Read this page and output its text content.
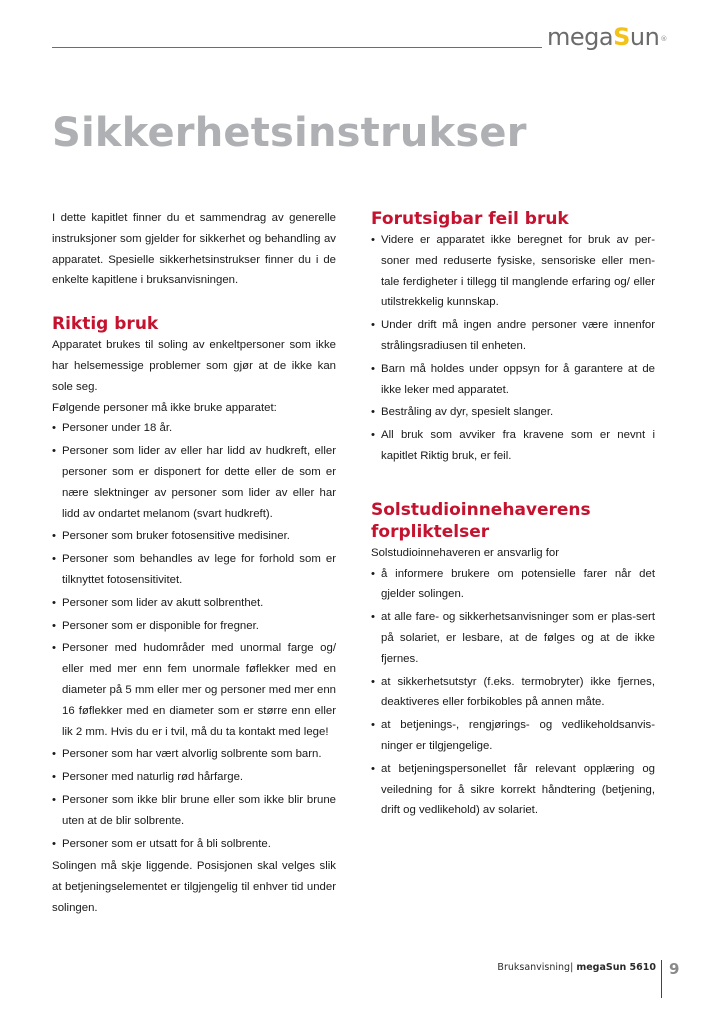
megaSun®
Sikkerhetsinstrukser

I dette kapitlet finner du et sammendrag av generelle instruksjoner som gjelder for sikkerhet og behandling av apparatet. Spesielle sikkerhetsinstrukser finner du i de enkelte kapitlene i bruksanvisningen.

Riktig bruk

Apparatet brukes til soling av enkeltpersoner som ikke har helsemessige problemer som gjør at de ikke kan sole seg.

Følgende personer må ikke bruke apparatet:

• Personer under 18 år.
• Personer som lider av eller har lidd av hudkreft, eller personer som er disponert for dette eller de som er nære slektninger av personer som lider av eller har lidd av ondartet melanom (svart hudkreft).
• Personer som bruker fotosensitive medisiner.
• Personer som behandles av lege for forhold som er tilknyttet fotosensitivitet.
• Personer som lider av akutt solbrenthet.
• Personer som er disponible for fregner.
• Personer med hudområder med unormal farge og/ eller med mer enn fem unormale føflekker med en diameter på 5 mm eller mer og personer med mer enn 16 føflekker med en diameter som er større enn eller lik 2 mm. Hvis du er i tvil, må du ta kontakt med lege!
• Personer som har vært alvorlig solbrente som barn.
• Personer med naturlig rød hårfarge.
• Personer som ikke blir brune eller som ikke blir brune uten at de blir solbrente.
• Personer som er utsatt for å bli solbrente.

Solingen må skje liggende. Posisjonen skal velges slik at betjeningselementet er tilgjengelig til enhver tid under solingen.

Forutsigbar feil bruk
• Videre er apparatet ikke beregnet for bruk av per-soner med reduserte fysiske, sensoriske eller men-tale ferdigheter i tillegg til manglende erfaring og/ eller utilstrekkelig kunnskap.
• Under drift må ingen andre personer være innenfor strålingsradiusen til enheten.
• Barn må holdes under oppsyn for å garantere at de ikke leker med apparatet.
• Bestråling av dyr, spesielt slanger.
• All bruk som avviker fra kravene som er nevnt i kapitlet Riktig bruk, er feil.
Solstudioinnehaverens
forpliktelser

Solstudioinnehaveren er ansvarlig for

• å informere brukere om potensielle farer når det gjelder solingen.
• at alle fare- og sikkerhetsanvisninger som er plas-sert på solariet, er lesbare, at de følges og at de ikke fjernes.
• at sikkerhetsutstyr (f.eks. termobryter) ikke fjernes, deaktiveres eller forbikobles på annen måte.
• at betjenings-, rengjørings- og vedlikeholdsanvis-ninger er tilgjengelige.
• at betjeningspersonellet får relevant opplæring og veiledning for å sikre korrekt håndtering (betjening, drift og vedlikehold) av solariet.
Bruksanvisning| megaSun 5610 9
